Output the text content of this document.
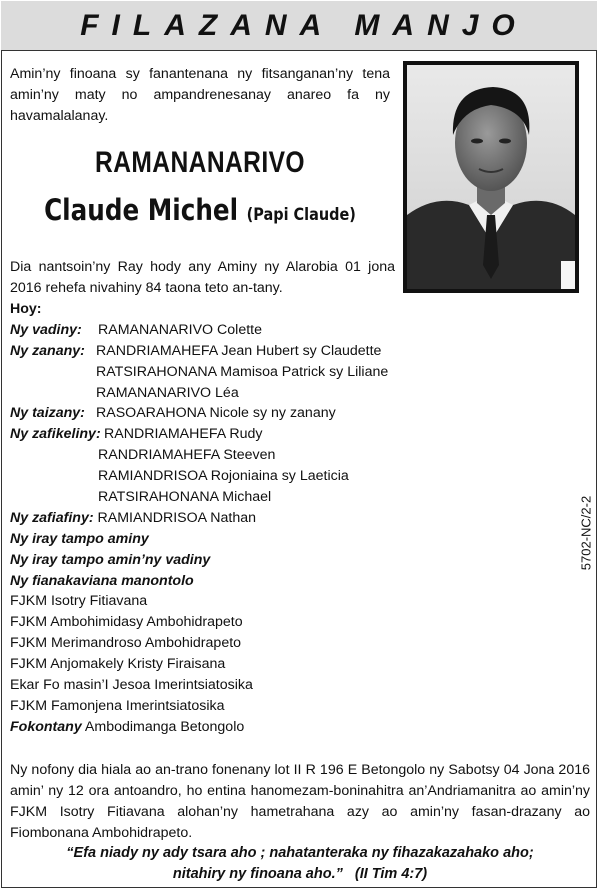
FILAZANA MANJO
Amin’ny finoana sy fanantenana ny fitsanganan’ny tena amin’ny maty no ampandrenesanay anareo fa ny havamalalanay.
RAMANANARIVO
Claude Michel (Papi Claude)
Dia nantsoin’ny Ray hody any Aminy ny Alarobia 01 jona 2016 rehefa nivahiny 84 taona teto an-tany.
Hoy:
Ny vadiny: RAMANANARIVO Colette
Ny zanany: RANDRIAMAHEFA Jean Hubert sy Claudette
RATSIRAHONANA Mamisoa Patrick sy Liliane
RAMANANARIVO Léa
Ny taizany: RASOARAHONA Nicole sy ny zanany
Ny zafikeliny: RANDRIAMAHEFA Rudy
RANDRIAMAHEFA Steeven
RAMIANDRISOA Rojoniaina sy Laeticia
RATSIRAHONANA Michael
Ny zafiafiny: RAMIANDRISOA Nathan
Ny iray tampo aminy
Ny iray tampo amin’ny vadiny
Ny fianakaviana manontolo
FJKM Isotry Fitiavana
FJKM Ambohimidasy Ambohidrapeto
FJKM Merimandroso Ambohidrapeto
FJKM Anjomakely Kristy Firaisana
Ekar Fo masin’I Jesoa Imerintsiatosika
FJKM Famonjena Imerintsiatosika
Fokontany Ambodimanga Betongolo
5702-NC/2-2
Ny nofony dia hiala ao an-trano fonenany lot II R 196 E Betongolo ny Sabotsy 04 Jona 2016 amin’ ny 12 ora antoandro, ho entina hanomezam-boninahitra an’Andriamanitra ao amin’ny FJKM Isotry Fitiavana alohan’ny hametrahana azy ao amin’ny fasan-drazany ao Fiombonana Ambohidrapeto.
“Efa niady ny ady tsara aho ; nahatanteraka ny fihazakazahako aho;
nitahiry ny finoana aho.” (II Tim 4:7)
